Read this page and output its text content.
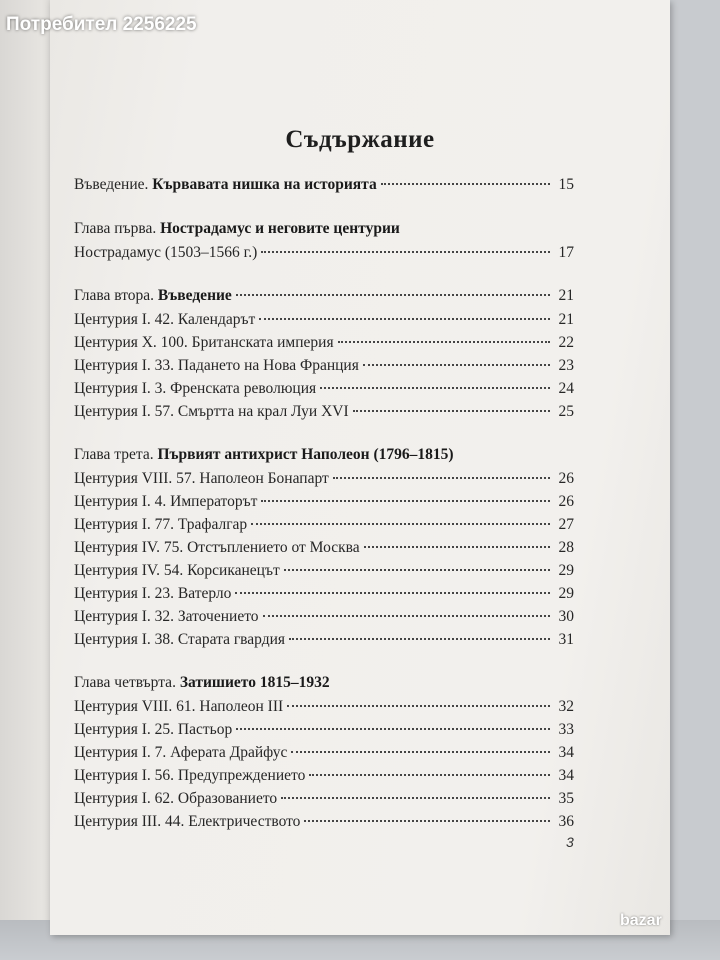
Потребител 2256225
Съдържание
Въведение. Кървавата нишка на историята	15
Глава първа. Нострадамус и неговите центурии
Нострадамус (1503–1566 г.)	17
Глава втора. Въведение	21
Центурия I. 42. Календарът	21
Центурия X. 100. Британската империя	22
Центурия I. 33. Падането на Нова Франция	23
Центурия I. 3. Френската революция	24
Центурия I. 57. Смъртта на крал Луи XVI	25
Глава трета. Първият антихрист Наполеон (1796–1815)
Центурия VIII. 57. Наполеон Бонапарт	26
Центурия I. 4. Императорът	26
Центурия I. 77. Трафалгар	27
Центурия IV. 75. Отстъплението от Москва	28
Центурия IV. 54. Корсиканецът	29
Центурия I. 23. Ватерло	29
Центурия I. 32. Заточението	30
Центурия I. 38. Старата гвардия	31
Глава четвърта. Затишието 1815–1932
Центурия VIII. 61. Наполеон III	32
Центурия I. 25. Пастьор	33
Центурия I. 7. Аферата Драйфус	34
Центурия I. 56. Предупреждението	34
Центурия I. 62. Образованието	35
Центурия III. 44. Електричеството	36
3
bazar
